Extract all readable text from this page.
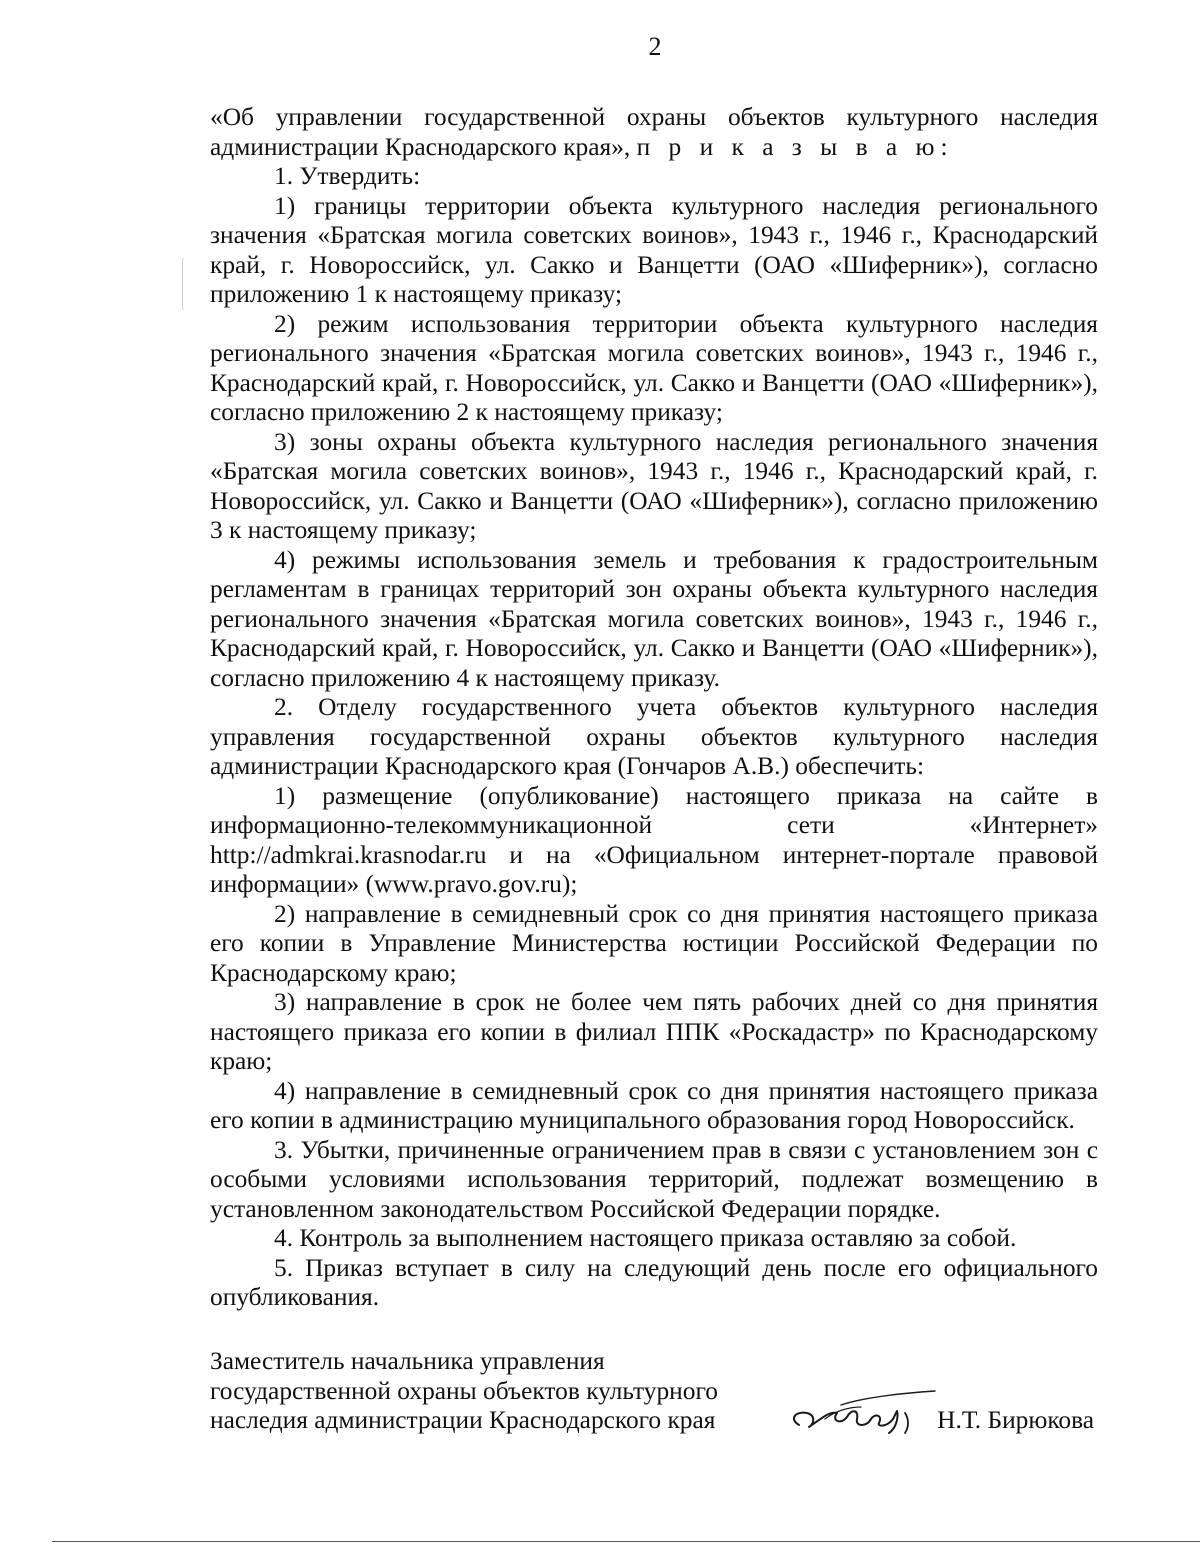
2

«Об управлении государственной охраны объектов культурного наследия администрации Краснодарского края», п р и к а з ы в а ю:

1. Утвердить:

1) границы территории объекта культурного наследия регионального значения «Братская могила советских воинов», 1943 г., 1946 г., Краснодарский край, г. Новороссийск, ул. Сакко и Ванцетти (ОАО «Шиферник»), согласно приложению 1 к настоящему приказу;

2) режим использования территории объекта культурного наследия регионального значения «Братская могила советских воинов», 1943 г., 1946 г., Краснодарский край, г. Новороссийск, ул. Сакко и Ванцетти (ОАО «Шиферник»), согласно приложению 2 к настоящему приказу;

3) зоны охраны объекта культурного наследия регионального значения «Братская могила советских воинов», 1943 г., 1946 г., Краснодарский край, г. Новороссийск, ул. Сакко и Ванцетти (ОАО «Шиферник»), согласно приложению 3 к настоящему приказу;

4) режимы использования земель и требования к градостроительным регламентам в границах территорий зон охраны объекта культурного наследия регионального значения «Братская могила советских воинов», 1943 г., 1946 г., Краснодарский край, г. Новороссийск, ул. Сакко и Ванцетти (ОАО «Шиферник»), согласно приложению 4 к настоящему приказу.

2. Отделу государственного учета объектов культурного наследия управления государственной охраны объектов культурного наследия администрации Краснодарского края (Гончаров А.В.) обеспечить:

1) размещение (опубликование) настоящего приказа на сайте в информационно-телекоммуникационной сети «Интернет» http://admkrai.krasnodar.ru и на «Официальном интернет-портале правовой информации» (www.pravo.gov.ru);

2) направление в семидневный срок со дня принятия настоящего приказа его копии в Управление Министерства юстиции Российской Федерации по Краснодарскому краю;

3) направление в срок не более чем пять рабочих дней со дня принятия настоящего приказа его копии в филиал ППК «Роскадастр» по Краснодарскому краю;

4) направление в семидневный срок со дня принятия настоящего приказа его копии в администрацию муниципального образования город Новороссийск.

3. Убытки, причиненные ограничением прав в связи с установлением зон с особыми условиями использования территорий, подлежат возмещению в установленном законодательством Российской Федерации порядке.

4. Контроль за выполнением настоящего приказа оставляю за собой.

5. Приказ вступает в силу на следующий день после его официального опубликования.

Заместитель начальника управления
государственной охраны объектов культурного
наследия администрации Краснодарского края	Н.Т. Бирюкова
